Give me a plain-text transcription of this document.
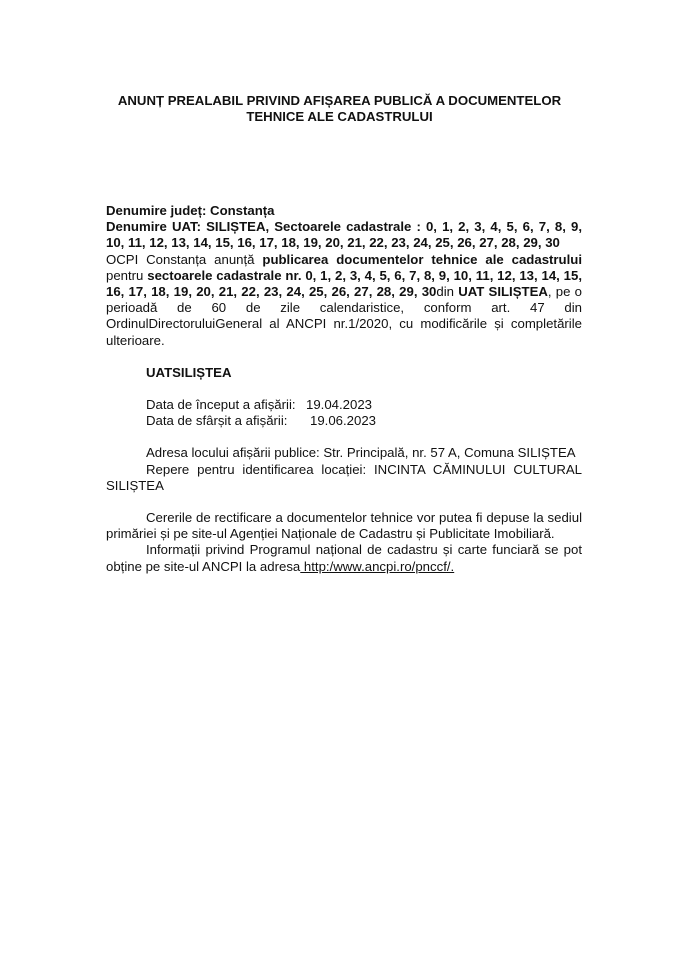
ANUNȚ PREALABIL PRIVIND AFIȘAREA PUBLICĂ A DOCUMENTELOR
TEHNICE ALE CADASTRULUI

Denumire județ: Constanța

Denumire UAT: SILIȘTEA, Sectoarele cadastrale : 0, 1, 2, 3, 4, 5, 6, 7, 8, 9, 10, 11, 12, 13, 14, 15, 16, 17, 18, 19, 20, 21, 22, 23, 24, 25, 26, 27, 28, 29, 30

OCPI Constanța anunță publicarea documentelor tehnice ale cadastrului pentru sectoarele cadastrale nr. 0, 1, 2, 3, 4, 5, 6, 7, 8, 9, 10, 11, 12, 13, 14, 15, 16, 17, 18, 19, 20, 21, 22, 23, 24, 25, 26, 27, 28, 29, 30din UAT SILIȘTEA, pe o perioadă de 60 de zile calendaristice, conform art. 47 din OrdinulDirectoruluiGeneral al ANCPI nr.1/2020, cu modificările și completările ulterioare.

UATSILIȘTEA

Data de început a afișării: 19.04.2023
Data de sfârșit a afișării:	19.06.2023

Adresa locului afișării publice: Str. Principală, nr. 57 A, Comuna SILIȘTEA

Repere pentru identificarea locației: INCINTA CĂMINULUI CULTURAL SILIȘTEA

Cererile de rectificare a documentelor tehnice vor putea fi depuse la sediul primăriei și pe site-ul Agenției Naționale de Cadastru și Publicitate Imobiliară.

Informații privind Programul național de cadastru și carte funciară se pot obține pe site-ul ANCPI la adresa http:/www.ancpi.ro/pnccf/.
